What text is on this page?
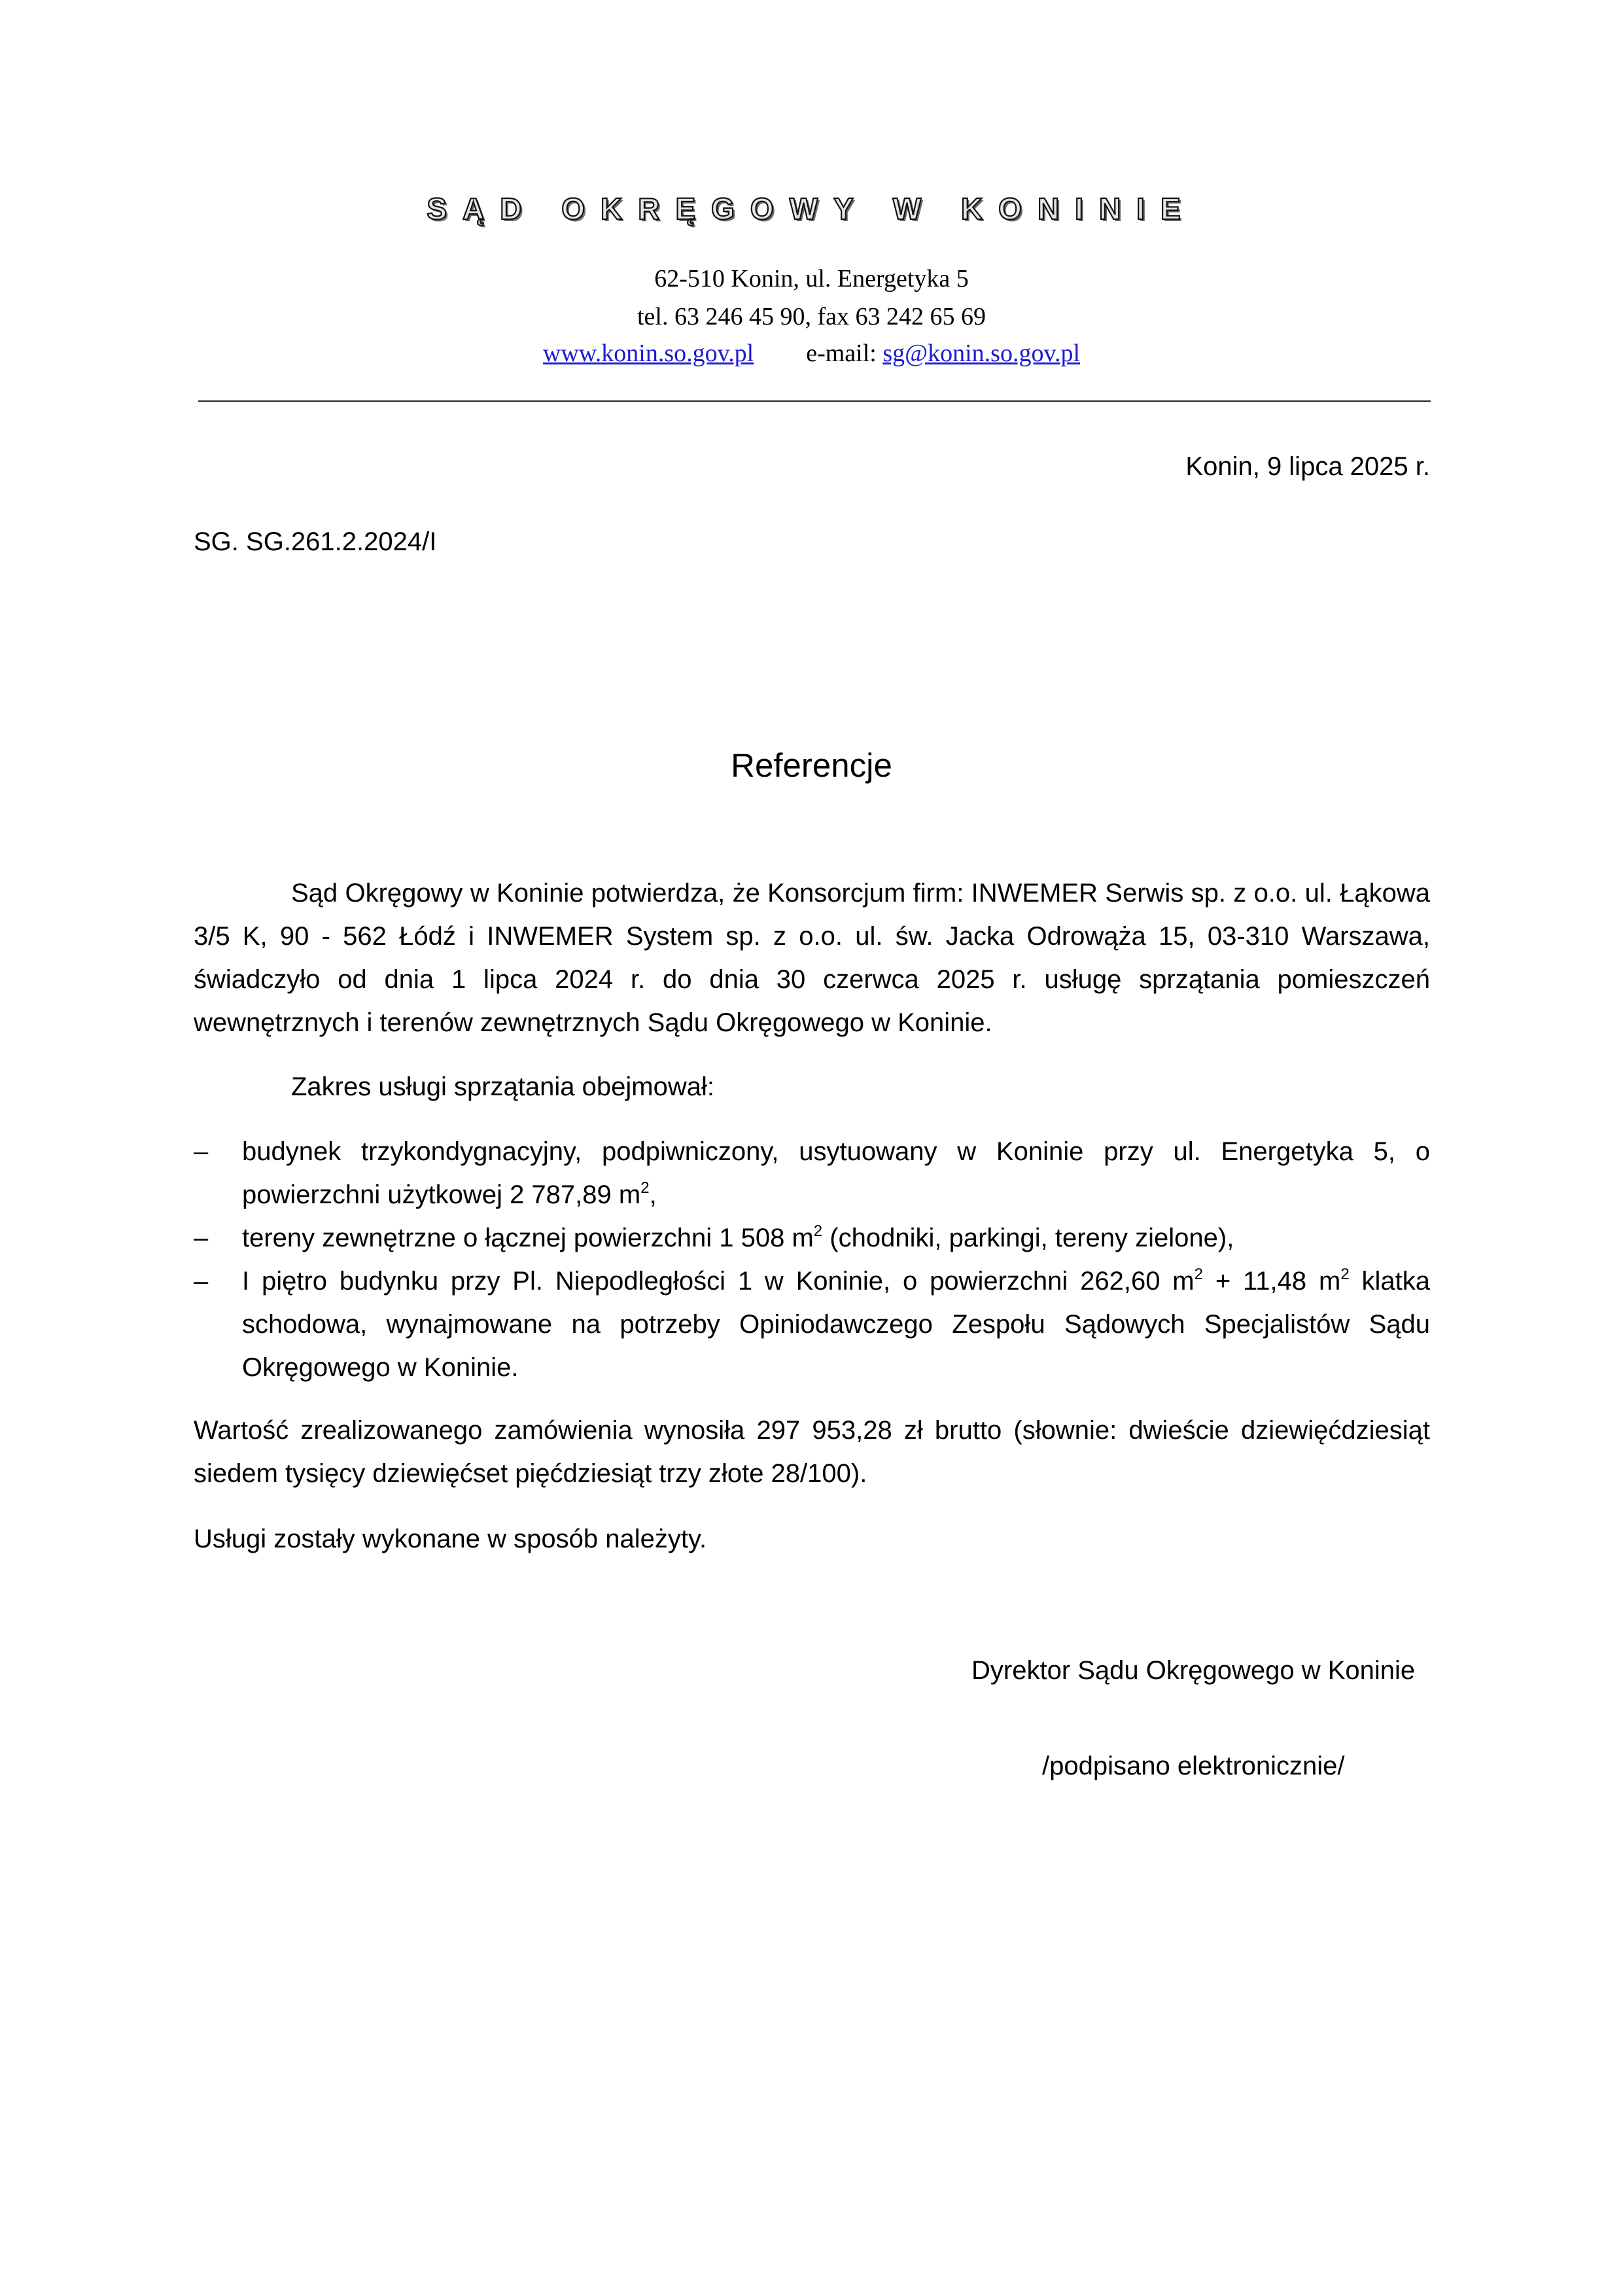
SĄD OKRĘGOWY W KONINIE
62-510 Konin, ul. Energetyka 5
tel. 63 246 45 90, fax 63 242 65 69
www.konin.so.gov.pl e-mail: sg@konin.so.gov.pl
Konin, 9 lipca 2025 r.
SG. SG.261.2.2024/I
Referencje
Sąd Okręgowy w Koninie potwierdza, że Konsorcjum firm: INWEMER Serwis sp. z o.o. ul. Łąkowa 3/5 K, 90 - 562 Łódź i INWEMER System sp. z o.o. ul. św. Jacka Odrowąża 15, 03-310 Warszawa, świadczyło od dnia 1 lipca 2024 r. do dnia 30 czerwca 2025 r. usługę sprzątania pomieszczeń wewnętrznych i terenów zewnętrznych Sądu Okręgowego w Koninie.
Zakres usługi sprzątania obejmował:
– budynek trzykondygnacyjny, podpiwniczony, usytuowany w Koninie przy ul. Energetyka 5, o powierzchni użytkowej 2 787,89 $m^2$,
– tereny zewnętrzne o łącznej powierzchni 1 508 $m^2$ (chodniki, parkingi, tereny zielone),
– I piętro budynku przy Pl. Niepodległości 1 w Koninie, o powierzchni 262,60 $m^2 + 11,48$ $m^2$ klatka schodowa, wynajmowane na potrzeby Opiniodawczego Zespołu Sądowych Specjalistów Sądu Okręgowego w Koninie.
Wartość zrealizowanego zamówienia wynosiła 297 953,28 zł brutto (słownie: dwieście dziewięćdziesiąt siedem tysięcy dziewięćset pięćdziesiąt trzy złote 28/100).
Usługi zostały wykonane w sposób należyty.
Dyrektor Sądu Okręgowego w Koninie
/podpisano elektronicznie/
